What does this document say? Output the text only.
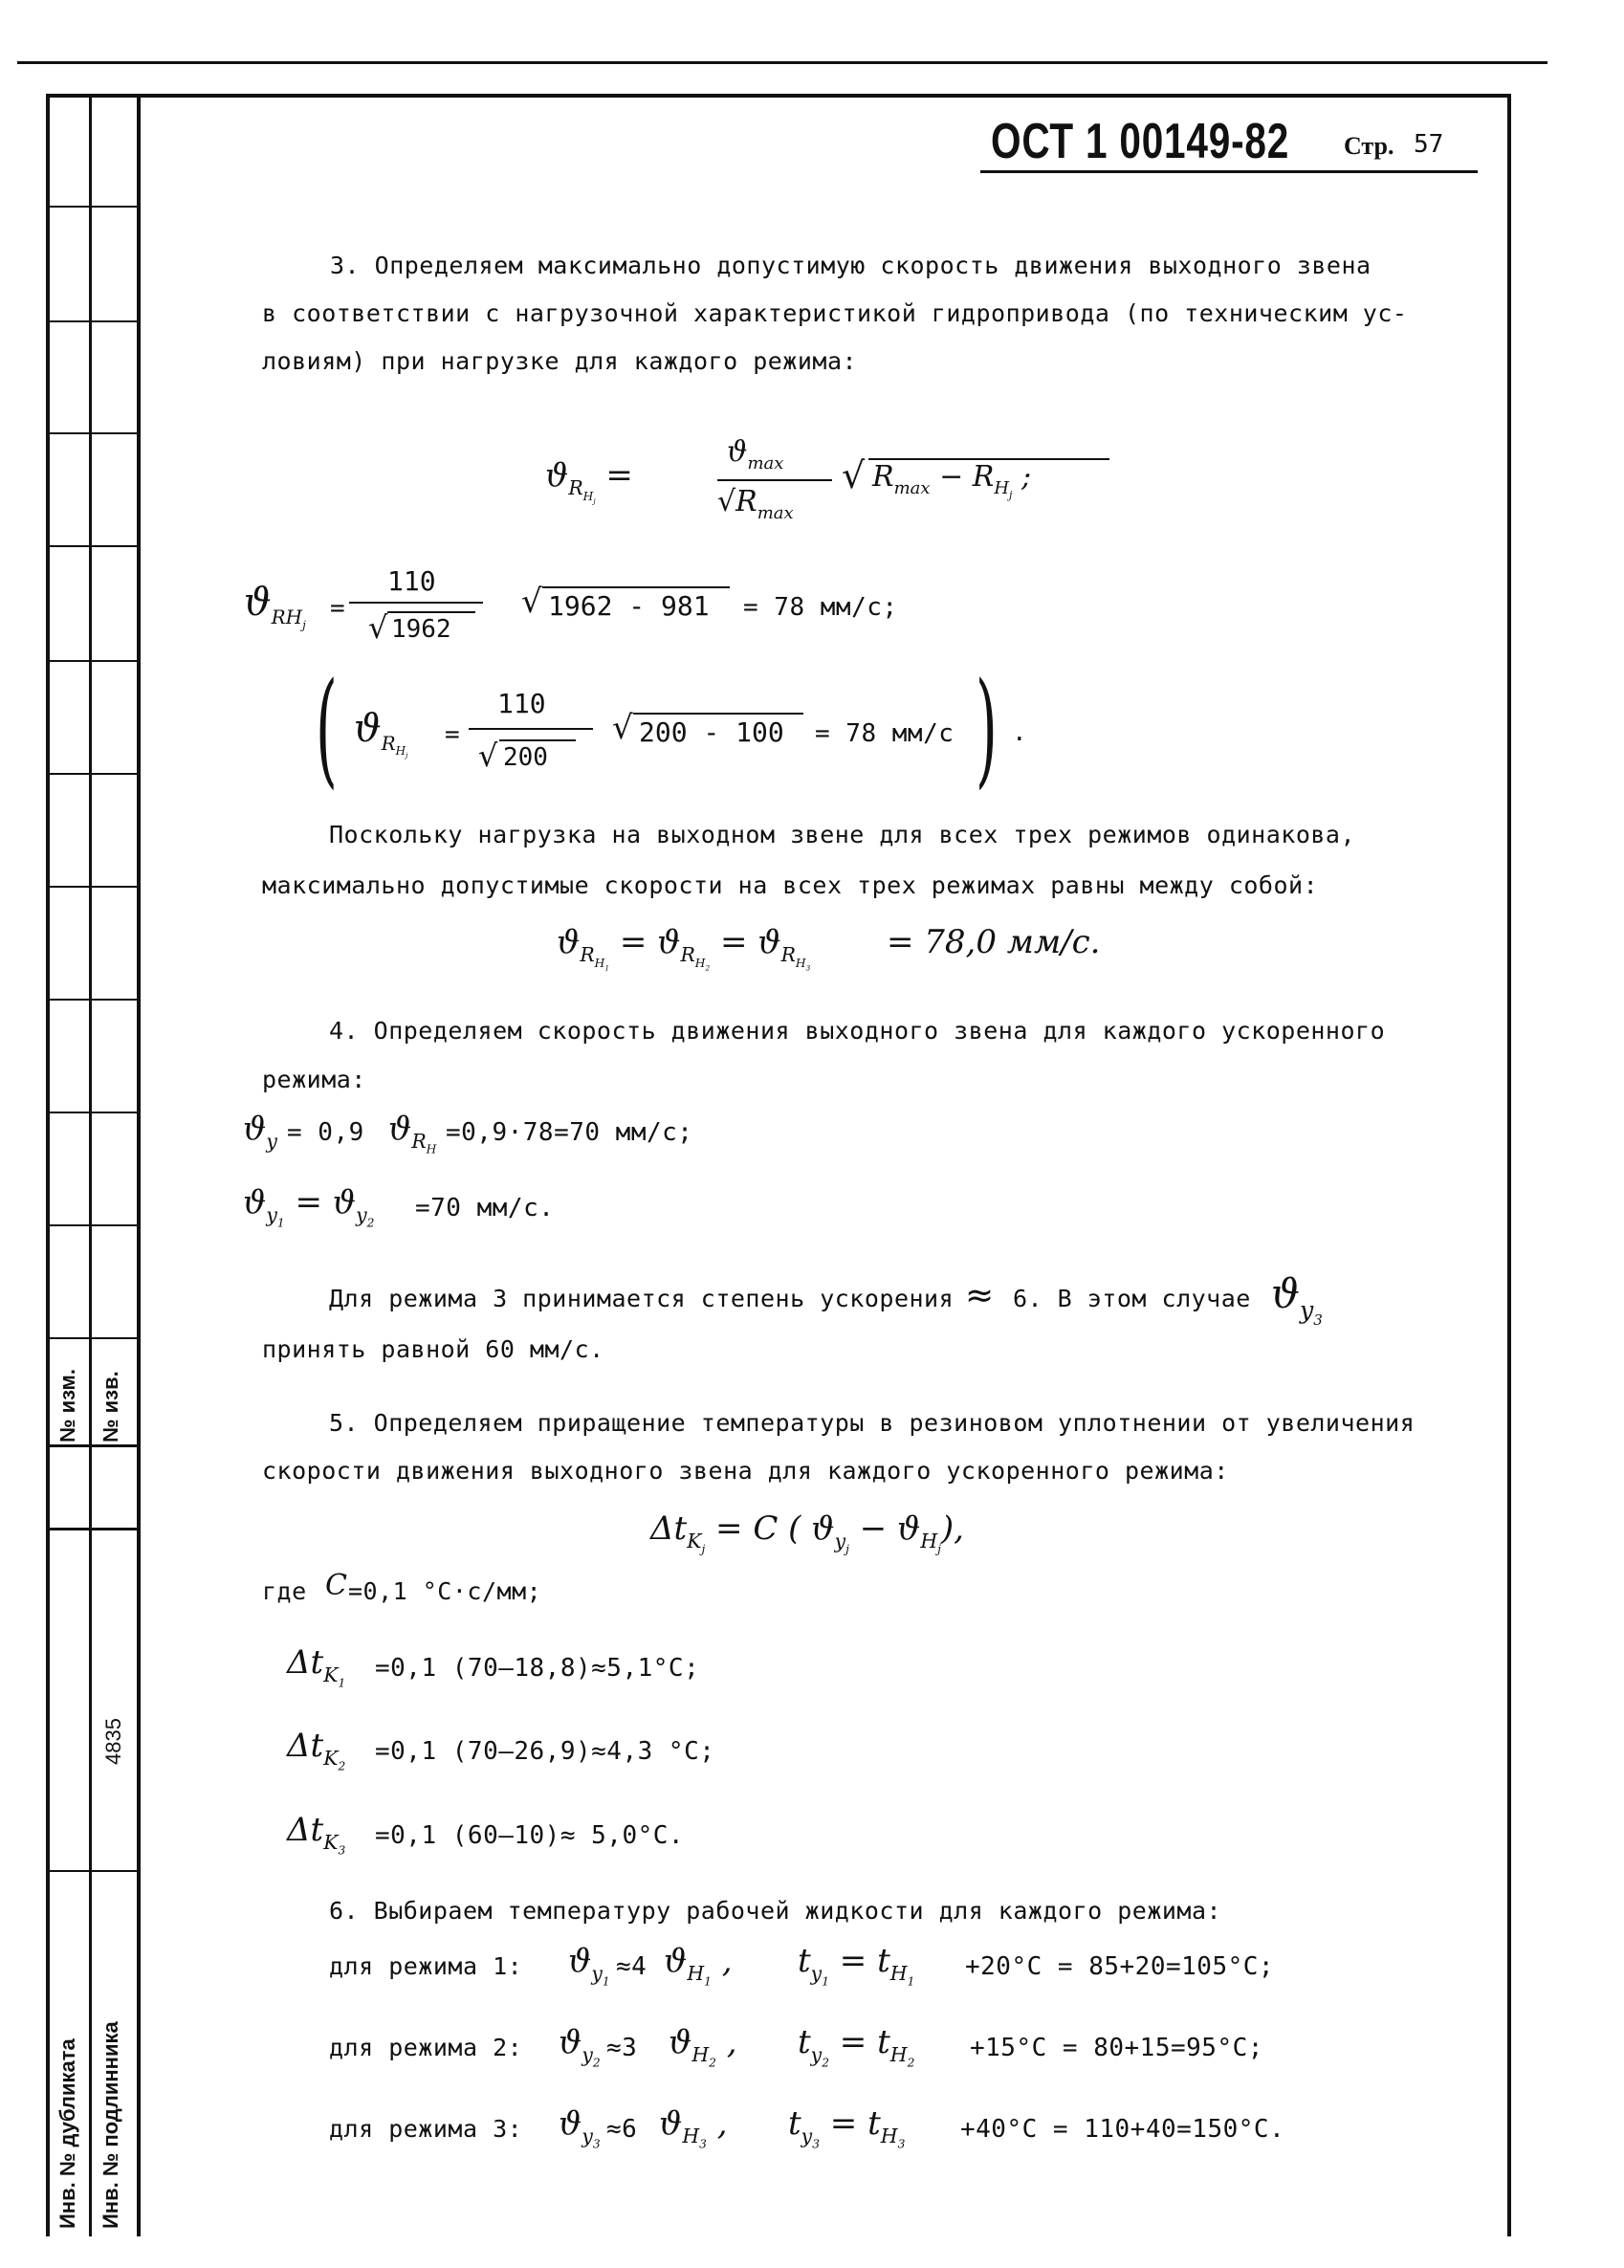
№ изм. № изв.
4835
Инв. № дубликата Инв. № подлинника
ОСТ 1 00149-82 Стр. 57
3. Определяем максимально допустимую скорость движения выходного звена
в соответствии с нагрузочной характеристикой гидропривода (по техническим ус-
ловиям) при нагрузке для каждого режима:
$ϑ_{R_{H_j}}$ =
$ϑ_{max}$
$√R_{max}$
√ $R_{max} - R_{H_j}$ ;
$ϑ_{RH_j}$
=
110
√ 1962
√ 1962 - 981 = 78 мм/с;
( $ϑ_{R_{H_j}}$
=
110
√ 200
√ 200 - 100 = 78 мм/с ) .
Поскольку нагрузка на выходном звене для всех трех режимов одинакова,
максимально допустимые скорости на всех трех режимах равны между собой:
$ϑ_{R_{H_1}} = ϑ_{R_{H_2}} = ϑ_{R_{H_3}}$
= 78,0 мм/с.
4. Определяем скорость движения выходного звена для каждого ускоренного
режима:
$ϑ_y = 0,9$ $ϑ_{R_H}$
=0,9·78=70 мм/с;
$ϑ_{y_1} = ϑ_{y_2}$
=70 мм/с.
Для режима 3 принимается степень ускорения ≈ 6. В этом случае $ϑ_{y_3}$
принять равной 60 мм/с.
5. Определяем приращение температуры в резиновом уплотнении от увеличения
скорости движения выходного звена для каждого ускоренного режима:
$\Delta t_{K_j} = C$ ( $ϑ_{y_j} - ϑ_{H_j}$),
где C =0,1 °С·с/мм;
$\Delta t_{K_1}$
=0,1 (70–18,8)≈5,1°С;
$\Delta t_{K_2}$
=0,1 (70–26,9)≈4,3 °С;
$\Delta t_{K_3}$
=0,1 (60–10)≈ 5,0°С.
6. Выбираем температуру рабочей жидкости для каждого режима:
для режима 1: $ϑ_{y_1}$
≈4 $ϑ_{H_1}$ , $t_{y_1} = t_{H_1}$
+20°С = 85+20=105°С;
для режима 2: $ϑ_{y_2}$
≈3 $ϑ_{H_2}$ , $t_{y_2} = t_{H_2}$
+15°С = 80+15=95°С;
для режима 3: $ϑ_{y_3}$
≈6 $ϑ_{H_3}$ , $t_{y_3} = t_{H_3}$
+40°С = 110+40=150°С.
